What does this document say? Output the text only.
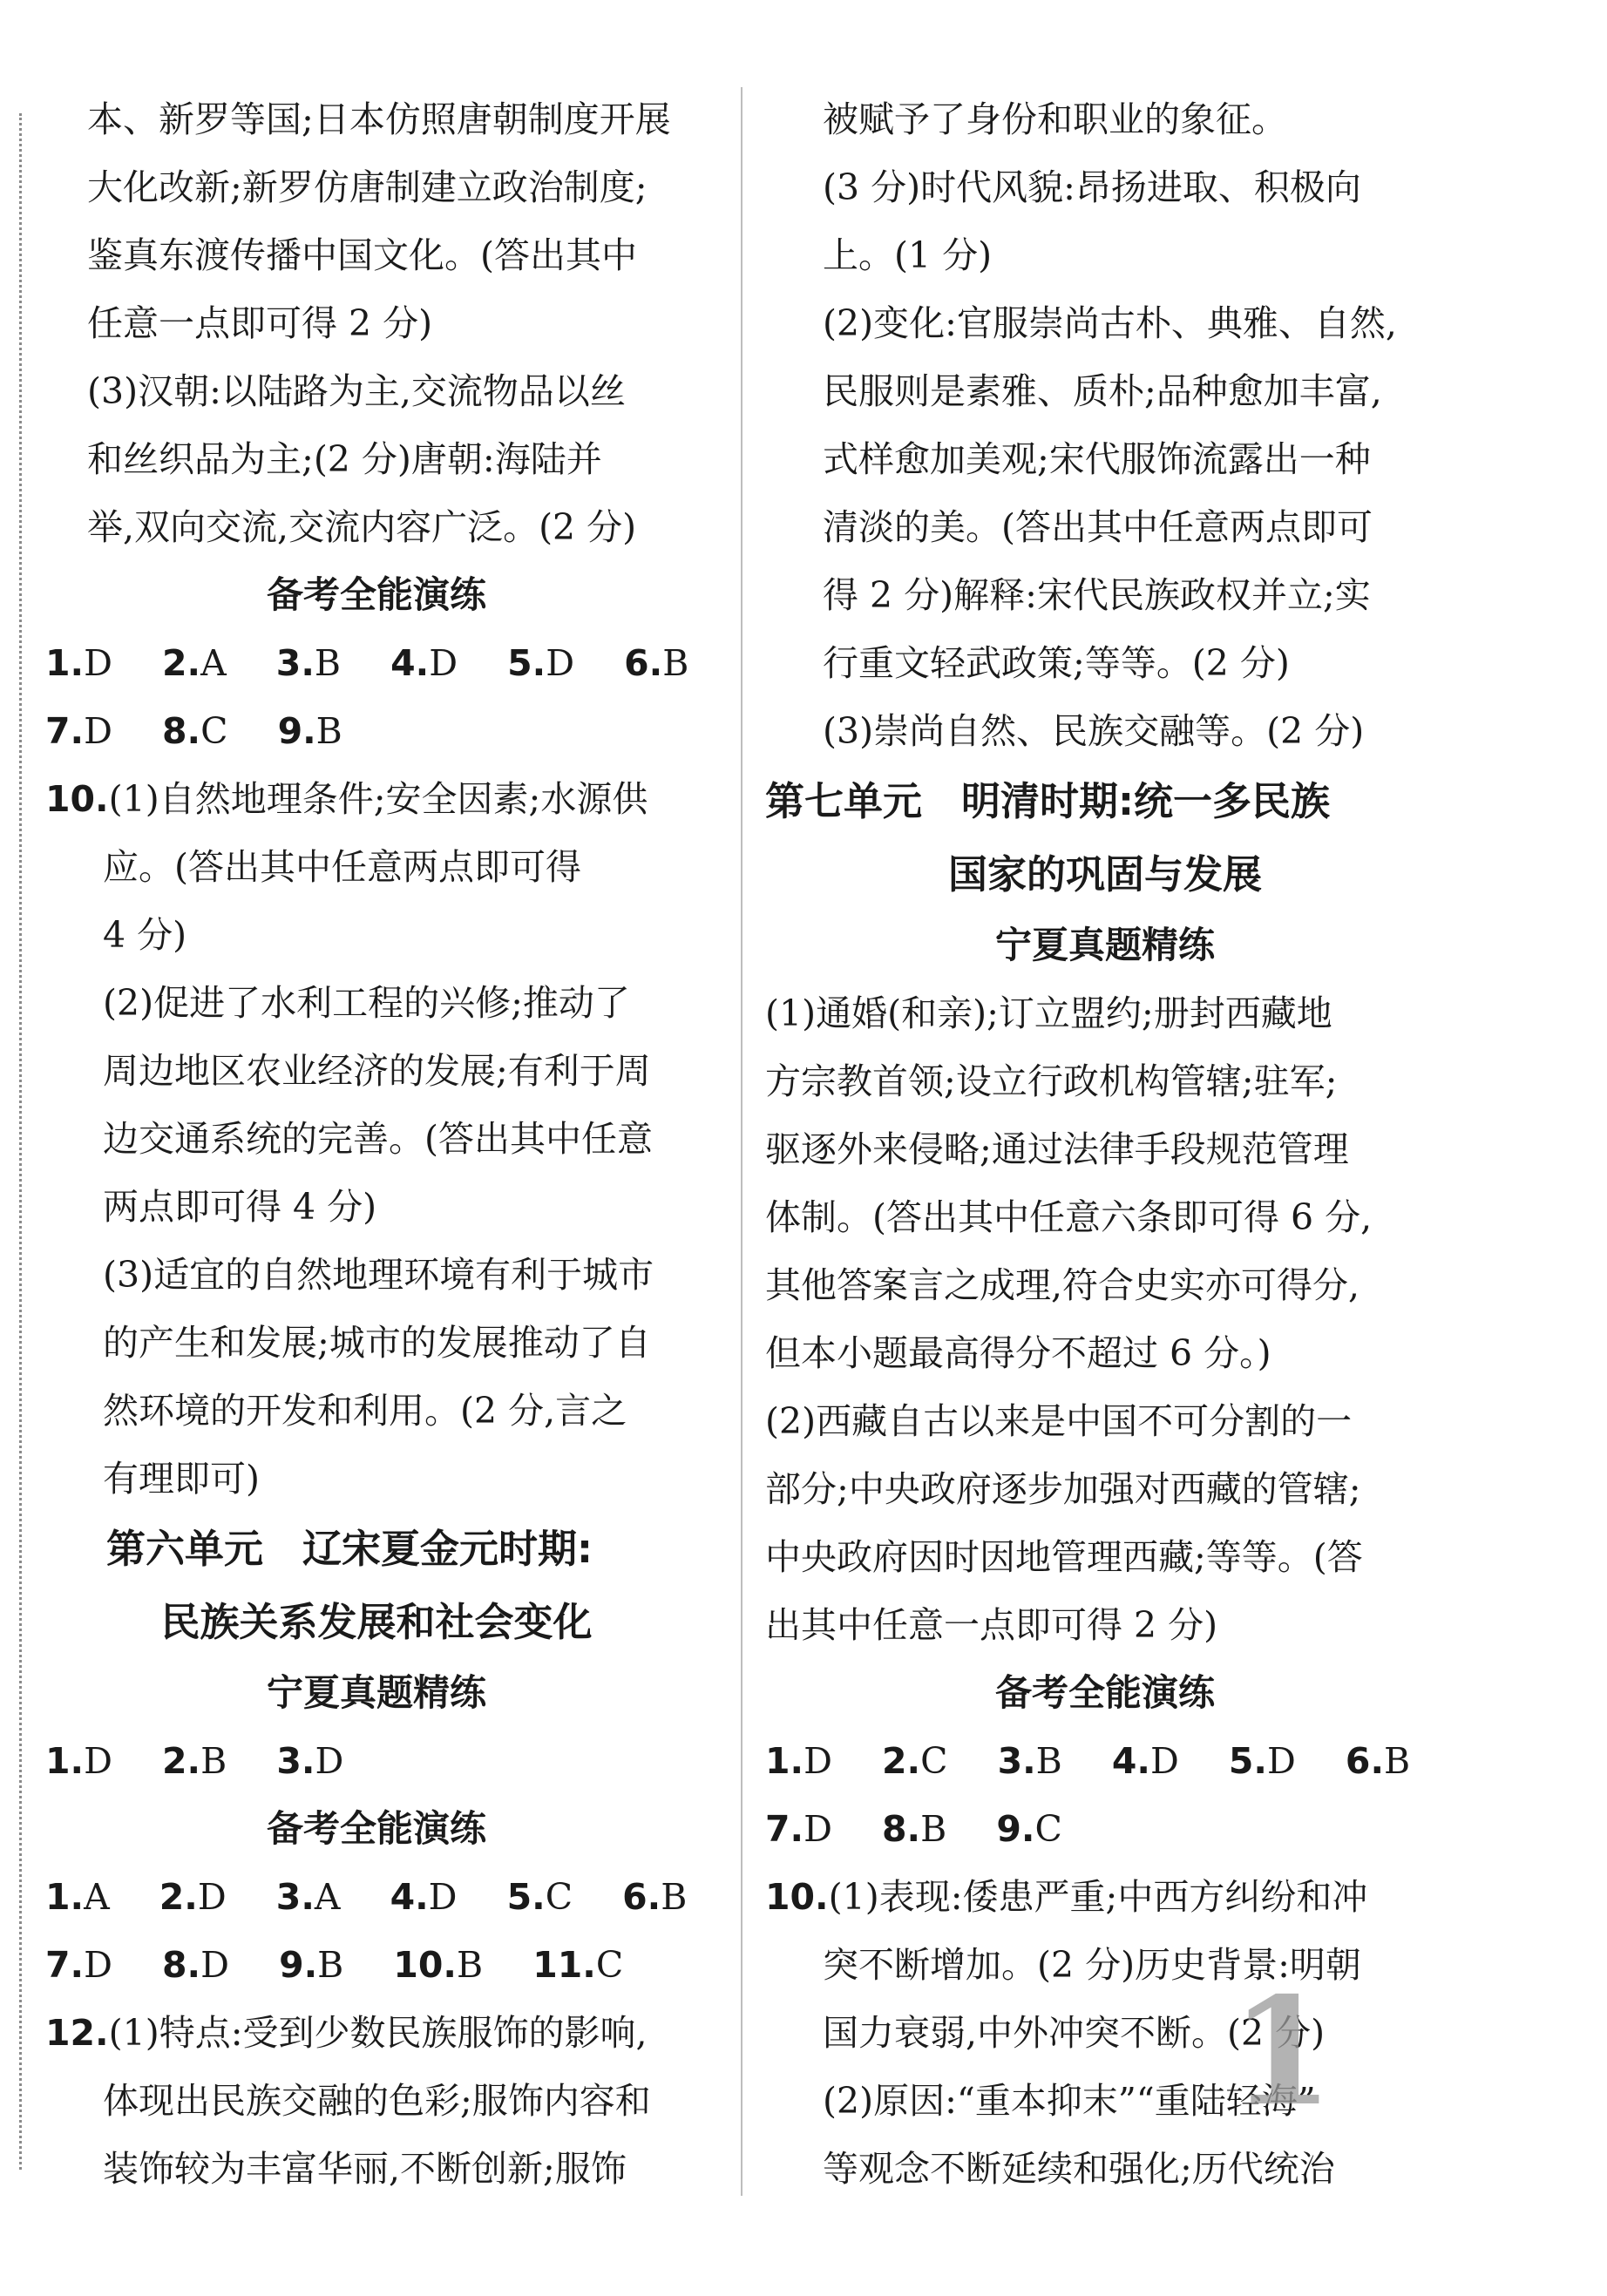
本、新罗等国;日本仿照唐朝制度开展
大化改新;新罗仿唐制建立政治制度;
鉴真东渡传播中国文化。(答出其中
任意一点即可得 2 分)
(3)汉朝:以陆路为主,交流物品以丝
和丝织品为主;(2 分)唐朝:海陆并
举,双向交流,交流内容广泛。(2 分)
备考全能演练
1.D 2.A 3.B 4.D 5.D 6.B
7.D 8.C 9.B
10.(1)自然地理条件;安全因素;水源供
应。(答出其中任意两点即可得
4 分)
(2)促进了水利工程的兴修;推动了
周边地区农业经济的发展;有利于周
边交通系统的完善。(答出其中任意
两点即可得 4 分)
(3)适宜的自然地理环境有利于城市
的产生和发展;城市的发展推动了自
然环境的开发和利用。(2 分,言之
有理即可)
第六单元　辽宋夏金元时期:
民族关系发展和社会变化
宁夏真题精练
1.D 2.B 3.D
备考全能演练
1.A 2.D 3.A 4.D 5.C 6.B
7.D 8.D 9.B 10.B 11.C
12.(1)特点:受到少数民族服饰的影响,
体现出民族交融的色彩;服饰内容和
装饰较为丰富华丽,不断创新;服饰
被赋予了身份和职业的象征。
(3 分)时代风貌:昂扬进取、积极向
上。(1 分)
(2)变化:官服崇尚古朴、典雅、自然,
民服则是素雅、质朴;品种愈加丰富,
式样愈加美观;宋代服饰流露出一种
清淡的美。(答出其中任意两点即可
得 2 分)解释:宋代民族政权并立;实
行重文轻武政策;等等。(2 分)
(3)崇尚自然、民族交融等。(2 分)
第七单元　明清时期:统一多民族
国家的巩固与发展
宁夏真题精练
(1)通婚(和亲);订立盟约;册封西藏地
方宗教首领;设立行政机构管辖;驻军;
驱逐外来侵略;通过法律手段规范管理
体制。(答出其中任意六条即可得 6 分,
其他答案言之成理,符合史实亦可得分,
但本小题最高得分不超过 6 分。)
(2)西藏自古以来是中国不可分割的一
部分;中央政府逐步加强对西藏的管辖;
中央政府因时因地管理西藏;等等。(答
出其中任意一点即可得 2 分)
备考全能演练
1.D 2.C 3.B 4.D 5.D 6.B
7.D 8.B 9.C
10.(1)表现:倭患严重;中西方纠纷和冲
突不断增加。(2 分)历史背景:明朝
国力衰弱,中外冲突不断。(2 分)
(2)原因:“重本抑末”“重陆轻海”
等观念不断延续和强化;历代统治
1
